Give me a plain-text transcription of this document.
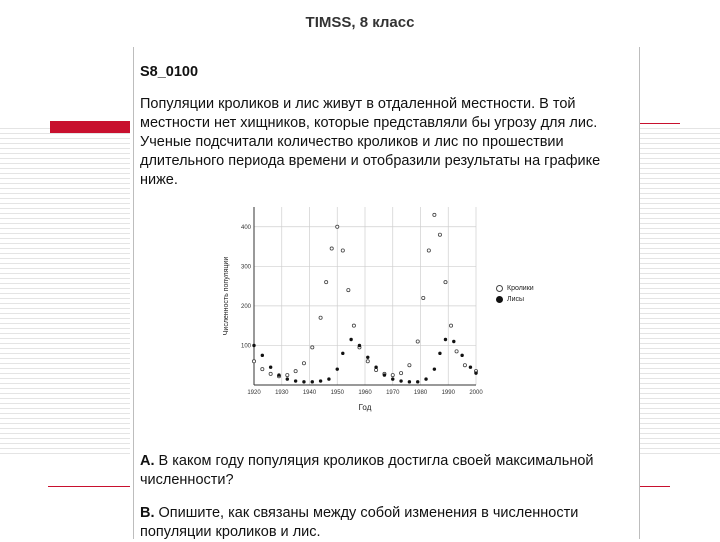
TIMSS, 8 класс
S8_0100
Популяции кроликов и лис живут в отдаленной местности. В той местности нет хищников, которые представляли бы угрозу для лис. Ученые подсчитали количество кроликов и лис по прошествии длительного периода времени и отобразили результаты на графике ниже.
1920 1930 1940 1950 1960 1970 1980 1990 2000
100
200
300
400
Год
Численность популяции	Кролики
Лисы
A. В каком году популяция кроликов достигла своей максимальной численности?
B. Опишите, как связаны между собой изменения в численности популяции кроликов и лис.
